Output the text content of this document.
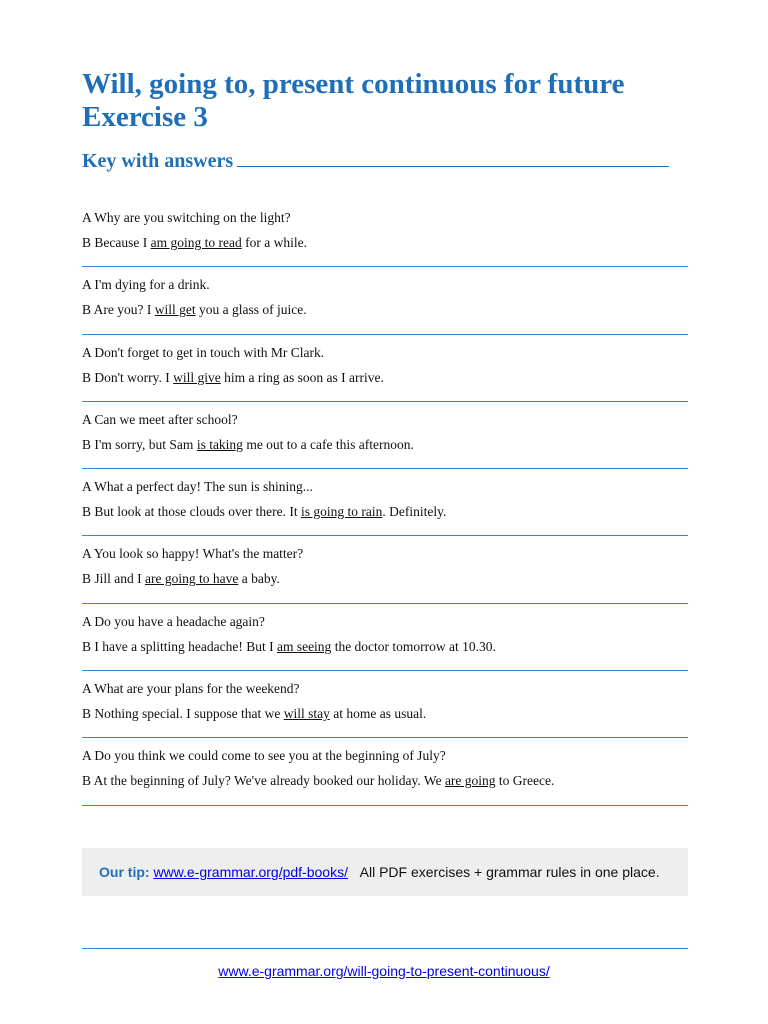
Will, going to, present continuous for future
Exercise 3
Key with answers
A Why are you switching on the light?
B Because I am going to read for a while.
A I'm dying for a drink.
B Are you? I will get you a glass of juice.
A Don't forget to get in touch with Mr Clark.
B Don't worry. I will give him a ring as soon as I arrive.
A Can we meet after school?
B I'm sorry, but Sam is taking me out to a cafe this afternoon.
A What a perfect day! The sun is shining...
B But look at those clouds over there. It is going to rain. Definitely.
A You look so happy! What's the matter?
B Jill and I are going to have a baby.
A Do you have a headache again?
B I have a splitting headache! But I am seeing the doctor tomorrow at 10.30.
A What are your plans for the weekend?
B Nothing special. I suppose that we will stay at home as usual.
A Do you think we could come to see you at the beginning of July?
B At the beginning of July? We've already booked our holiday. We are going to Greece.
Our tip: www.e-grammar.org/pdf-books/ All PDF exercises + grammar rules in one place.
www.e-grammar.org/will-going-to-present-continuous/
